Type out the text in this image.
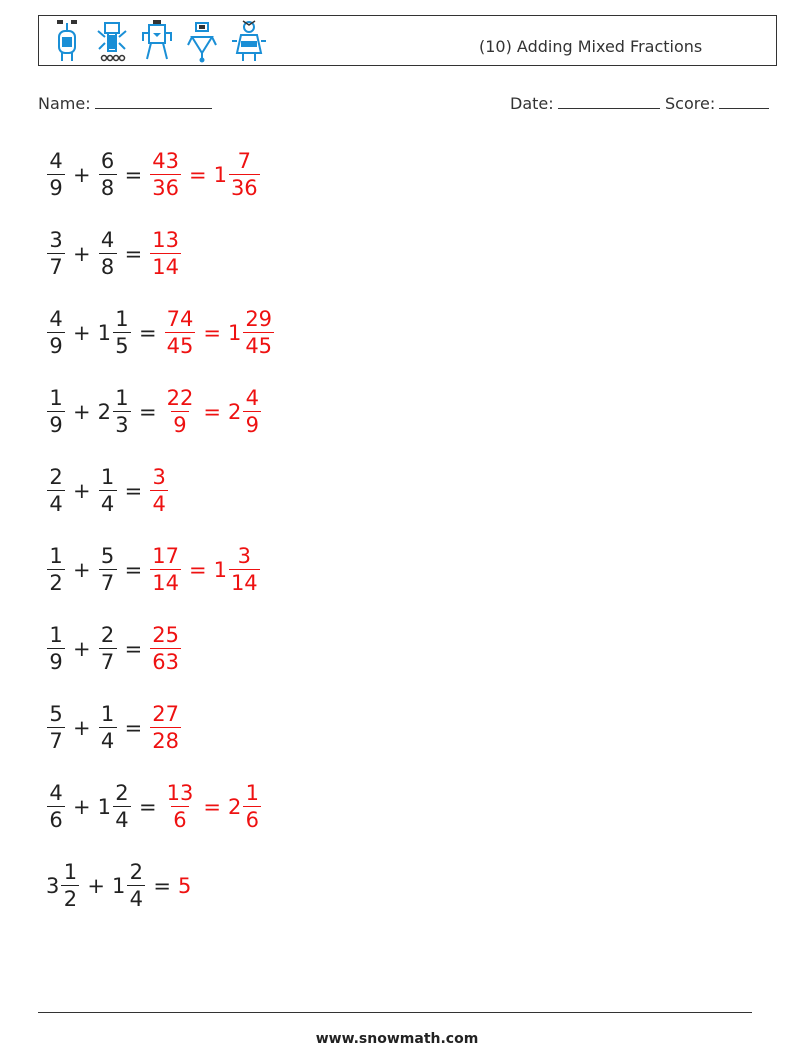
(10) Adding Mixed Fractions
Name:	Date:	Score:
$\frac{4}{9} + \frac{6}{8} = \frac{43}{36} = 1 \frac{7}{36}$
$\frac{3}{7} + \frac{4}{8} = \frac{13}{14}$
$\frac{4}{9} + 1 \frac{1}{5} = \frac{74}{45} = 1 \frac{29}{45}$
$\frac{1}{9} + 2 \frac{1}{3} = \frac{22}{9} = 2 \frac{4}{9}$
$\frac{2}{4} + \frac{1}{4} = \frac{3}{4}$
$\frac{1}{2} + \frac{5}{7} = \frac{17}{14} = 1 \frac{3}{14}$
$\frac{1}{9} + \frac{2}{7} = \frac{25}{63}$
$\frac{5}{7} + \frac{1}{4} = \frac{27}{28}$
$\frac{4}{6} + 1 \frac{2}{4} = \frac{13}{6} = 2 \frac{1}{6}$
$3 \frac{1}{2} + 1 \frac{2}{4} = 5$
www.snowmath.com
